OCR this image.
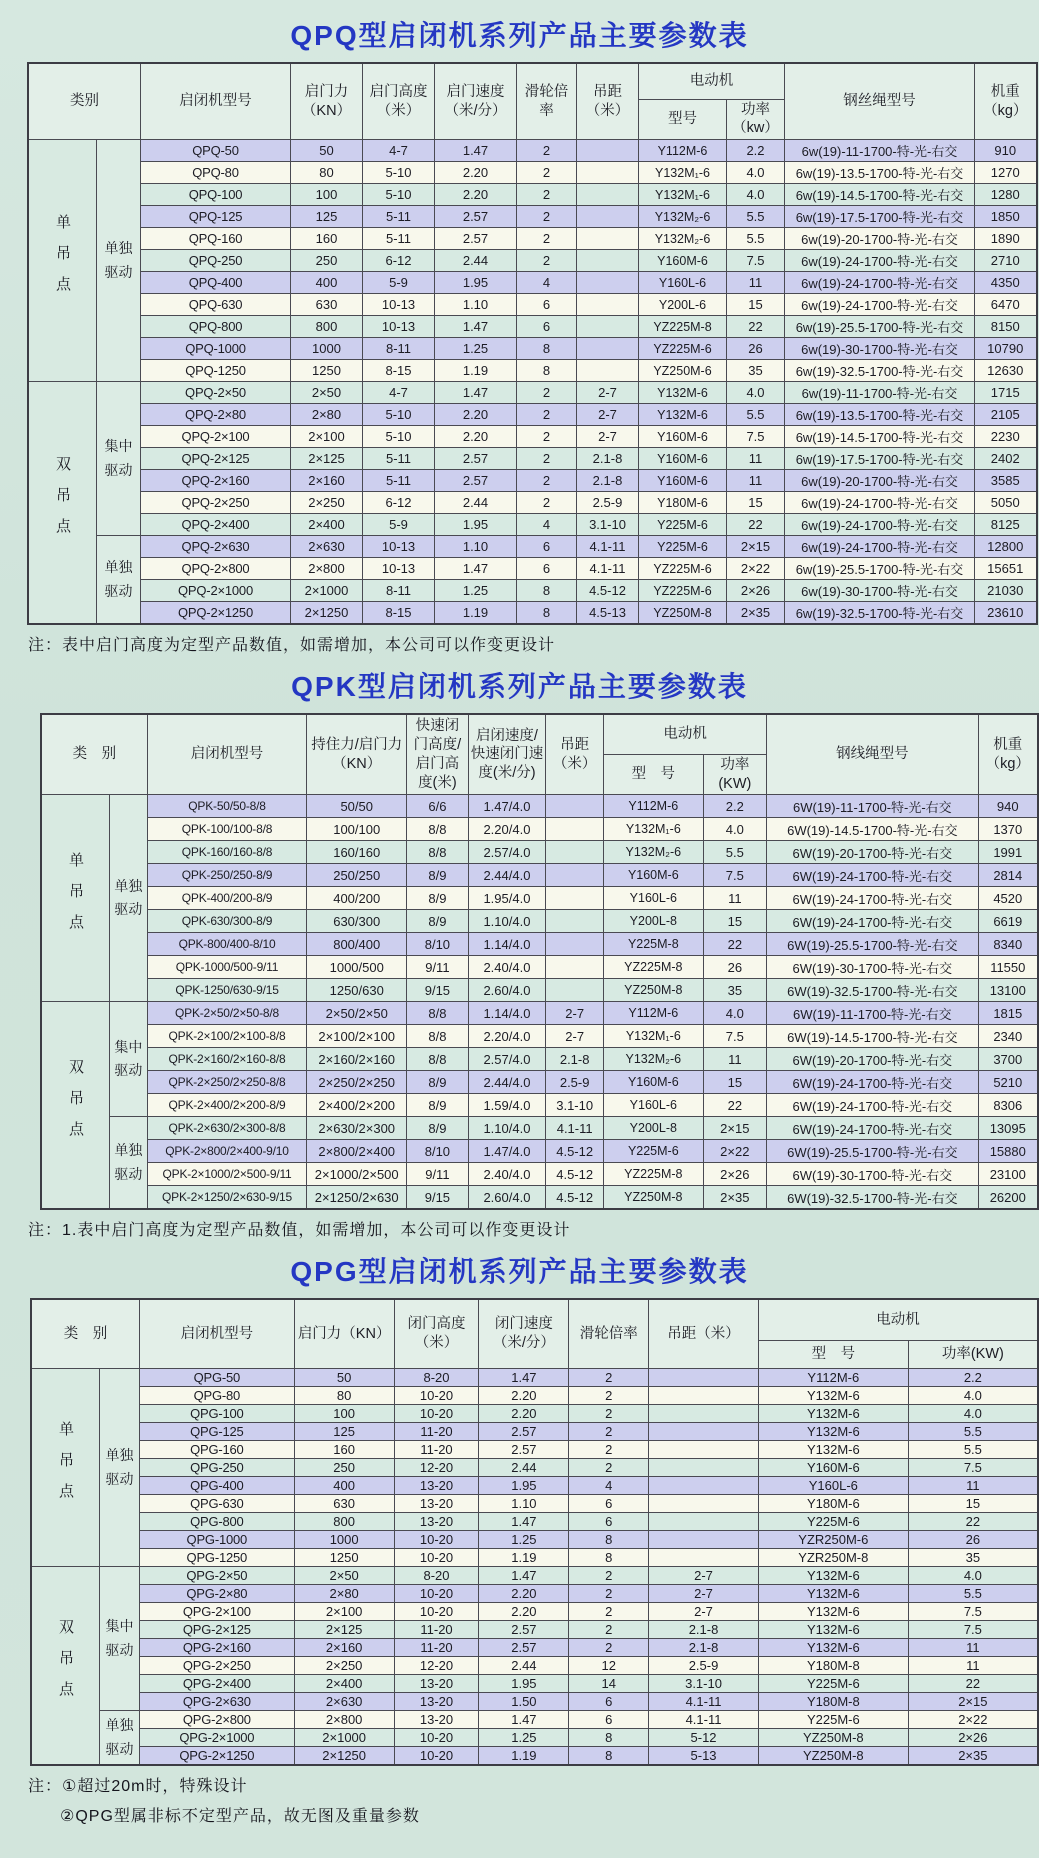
QPQ型启闭机系列产品主要参数表
类别		启闭机型号	启门力（KN）	启门高度（米）	启门速度（米/分）	滑轮倍率	吊距（米）	电动机		钢丝绳型号	机重（kg）
								型号	功率（kw）		
单吊点	单独驱动	QPQ-50	50	4-7	1.47	2		Y112M-6	2.2	6w(19)-11-1700-特-光-右交	910
		QPQ-80	80	5-10	2.20	2		Y132M₁-6	4.0	6w(19)-13.5-1700-特-光-右交	1270
		QPQ-100	100	5-10	2.20	2		Y132M₁-6	4.0	6w(19)-14.5-1700-特-光-右交	1280
		QPQ-125	125	5-11	2.57	2		Y132M₂-6	5.5	6w(19)-17.5-1700-特-光-右交	1850
		QPQ-160	160	5-11	2.57	2		Y132M₂-6	5.5	6w(19)-20-1700-特-光-右交	1890
		QPQ-250	250	6-12	2.44	2		Y160M-6	7.5	6w(19)-24-1700-特-光-右交	2710
		QPQ-400	400	5-9	1.95	4		Y160L-6	11	6w(19)-24-1700-特-光-右交	4350
		QPQ-630	630	10-13	1.10	6		Y200L-6	15	6w(19)-24-1700-特-光-右交	6470
		QPQ-800	800	10-13	1.47	6		YZ225M-8	22	6w(19)-25.5-1700-特-光-右交	8150
		QPQ-1000	1000	8-11	1.25	8		YZ225M-6	26	6w(19)-30-1700-特-光-右交	10790
		QPQ-1250	1250	8-15	1.19	8		YZ250M-6	35	6w(19)-32.5-1700-特-光-右交	12630
双吊点	集中驱动	QPQ-2×50	2×50	4-7	1.47	2	2-7	Y132M-6	4.0	6w(19)-11-1700-特-光-右交	1715
		QPQ-2×80	2×80	5-10	2.20	2	2-7	Y132M-6	5.5	6w(19)-13.5-1700-特-光-右交	2105
		QPQ-2×100	2×100	5-10	2.20	2	2-7	Y160M-6	7.5	6w(19)-14.5-1700-特-光-右交	2230
		QPQ-2×125	2×125	5-11	2.57	2	2.1-8	Y160M-6	11	6w(19)-17.5-1700-特-光-右交	2402
		QPQ-2×160	2×160	5-11	2.57	2	2.1-8	Y160M-6	11	6w(19)-20-1700-特-光-右交	3585
		QPQ-2×250	2×250	6-12	2.44	2	2.5-9	Y180M-6	15	6w(19)-24-1700-特-光-右交	5050
		QPQ-2×400	2×400	5-9	1.95	4	3.1-10	Y225M-6	22	6w(19)-24-1700-特-光-右交	8125
	单独驱动	QPQ-2×630	2×630	10-13	1.10	6	4.1-11	Y225M-6	2×15	6w(19)-24-1700-特-光-右交	12800
		QPQ-2×800	2×800	10-13	1.47	6	4.1-11	YZ225M-6	2×22	6w(19)-25.5-1700-特-光-右交	15651
		QPQ-2×1000	2×1000	8-11	1.25	8	4.5-12	YZ225M-6	2×26	6w(19)-30-1700-特-光-右交	21030
		QPQ-2×1250	2×1250	8-15	1.19	8	4.5-13	YZ250M-8	2×35	6w(19)-32.5-1700-特-光-右交	23610
注：表中启门高度为定型产品数值，如需增加，本公司可以作变更设计
QPK型启闭机系列产品主要参数表
类　别		启闭机型号	持住力/启门力（KN）	快速闭门高度/启门高度(米)	启闭速度/快速闭门速度(米/分)	吊距（米）	电动机		钢线绳型号	机重（kg）
							型　号	功率(KW)		
单吊点	单独驱动	QPK-50/50-8/8	50/50	6/6	1.47/4.0		Y112M-6	2.2	6W(19)-11-1700-特-光-右交	940
		QPK-100/100-8/8	100/100	8/8	2.20/4.0		Y132M₁-6	4.0	6W(19)-14.5-1700-特-光-右交	1370
		QPK-160/160-8/8	160/160	8/8	2.57/4.0		Y132M₂-6	5.5	6W(19)-20-1700-特-光-右交	1991
		QPK-250/250-8/9	250/250	8/9	2.44/4.0		Y160M-6	7.5	6W(19)-24-1700-特-光-右交	2814
		QPK-400/200-8/9	400/200	8/9	1.95/4.0		Y160L-6	11	6W(19)-24-1700-特-光-右交	4520
		QPK-630/300-8/9	630/300	8/9	1.10/4.0		Y200L-8	15	6W(19)-24-1700-特-光-右交	6619
		QPK-800/400-8/10	800/400	8/10	1.14/4.0		Y225M-8	22	6W(19)-25.5-1700-特-光-右交	8340
		QPK-1000/500-9/11	1000/500	9/11	2.40/4.0		YZ225M-8	26	6W(19)-30-1700-特-光-右交	11550
		QPK-1250/630-9/15	1250/630	9/15	2.60/4.0		YZ250M-8	35	6W(19)-32.5-1700-特-光-右交	13100
双吊点	集中驱动	QPK-2×50/2×50-8/8	2×50/2×50	8/8	1.14/4.0	2-7	Y112M-6	4.0	6W(19)-11-1700-特-光-右交	1815
		QPK-2×100/2×100-8/8	2×100/2×100	8/8	2.20/4.0	2-7	Y132M₁-6	7.5	6W(19)-14.5-1700-特-光-右交	2340
		QPK-2×160/2×160-8/8	2×160/2×160	8/8	2.57/4.0	2.1-8	Y132M₂-6	11	6W(19)-20-1700-特-光-右交	3700
		QPK-2×250/2×250-8/8	2×250/2×250	8/9	2.44/4.0	2.5-9	Y160M-6	15	6W(19)-24-1700-特-光-右交	5210
		QPK-2×400/2×200-8/9	2×400/2×200	8/9	1.59/4.0	3.1-10	Y160L-6	22	6W(19)-24-1700-特-光-右交	8306
	单独驱动	QPK-2×630/2×300-8/8	2×630/2×300	8/9	1.10/4.0	4.1-11	Y200L-8	2×15	6W(19)-24-1700-特-光-右交	13095
		QPK-2×800/2×400-9/10	2×800/2×400	8/10	1.47/4.0	4.5-12	Y225M-6	2×22	6W(19)-25.5-1700-特-光-右交	15880
		QPK-2×1000/2×500-9/11	2×1000/2×500	9/11	2.40/4.0	4.5-12	YZ225M-8	2×26	6W(19)-30-1700-特-光-右交	23100
		QPK-2×1250/2×630-9/15	2×1250/2×630	9/15	2.60/4.0	4.5-12	YZ250M-8	2×35	6W(19)-32.5-1700-特-光-右交	26200
注：1.表中启门高度为定型产品数值，如需增加，本公司可以作变更设计
QPG型启闭机系列产品主要参数表
类　别		启闭机型号	启门力（KN）	闭门高度（米）	闭门速度（米/分）	滑轮倍率	吊距（米）	电动机	
								型　号	功率(KW)
单吊点	单独驱动	QPG-50	50	8-20	1.47	2		Y112M-6	2.2
		QPG-80	80	10-20	2.20	2		Y132M-6	4.0
		QPG-100	100	10-20	2.20	2		Y132M-6	4.0
		QPG-125	125	11-20	2.57	2		Y132M-6	5.5
		QPG-160	160	11-20	2.57	2		Y132M-6	5.5
		QPG-250	250	12-20	2.44	2		Y160M-6	7.5
		QPG-400	400	13-20	1.95	4		Y160L-6	11
		QPG-630	630	13-20	1.10	6		Y180M-6	15
		QPG-800	800	13-20	1.47	6		Y225M-6	22
		QPG-1000	1000	10-20	1.25	8		YZR250M-6	26
		QPG-1250	1250	10-20	1.19	8		YZR250M-8	35
双吊点	集中驱动	QPG-2×50	2×50	8-20	1.47	2	2-7	Y132M-6	4.0
		QPG-2×80	2×80	10-20	2.20	2	2-7	Y132M-6	5.5
		QPG-2×100	2×100	10-20	2.20	2	2-7	Y132M-6	7.5
		QPG-2×125	2×125	11-20	2.57	2	2.1-8	Y132M-6	7.5
		QPG-2×160	2×160	11-20	2.57	2	2.1-8	Y132M-6	11
		QPG-2×250	2×250	12-20	2.44	12	2.5-9	Y180M-8	11
		QPG-2×400	2×400	13-20	1.95	14	3.1-10	Y225M-6	22
		QPG-2×630	2×630	13-20	1.50	6	4.1-11	Y180M-8	2×15
	单独驱动	QPG-2×800	2×800	13-20	1.47	6	4.1-11	Y225M-6	2×22
		QPG-2×1000	2×1000	10-20	1.25	8	5-12	YZ250M-8	2×26
		QPG-2×1250	2×1250	10-20	1.19	8	5-13	YZ250M-8	2×35
注：①超过20m时，特殊设计
②QPG型属非标不定型产品，故无图及重量参数
